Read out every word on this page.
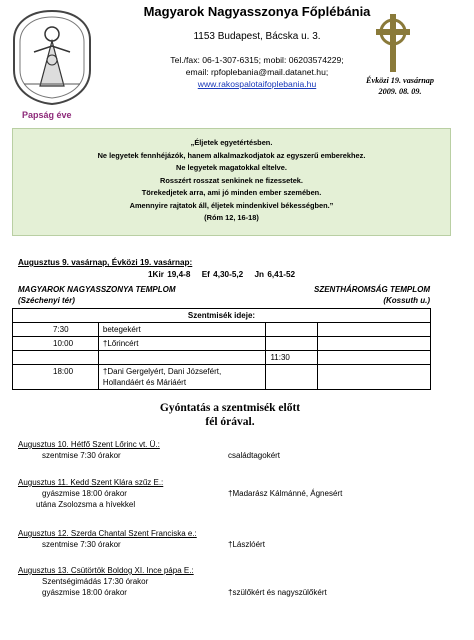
Magyarok Nagyasszonya Főplébánia
1153 Budapest, Bácska u. 3.
Tel./fax: 06-1-307-6315; mobil: 06203574229;
email: rpfoplebania@mail.datanet.hu;
www.rakospalotaifoplebania.hu	Évközi 19. vasárnap
2009. 08. 09.
Papság éve
„Éljetek egyetértésben.
Ne legyetek fennhéjázók, hanem alkalmazkodjatok az egyszerű emberekhez.
Ne legyetek magatokkal eltelve.
Rosszért rosszat senkinek ne fizessetek.
Törekedjetek arra, ami jó minden ember szemében.
Amennyire rajtatok áll, éljetek mindenkivel békességben.”
(Róm 12, 16-18)
Augusztus 9. vasárnap, Évközi 19. vasárnap:
1Kir 19,4-8 Ef 4,30-5,2 Jn 6,41-52
MAGYAROK NAGYASSZONYA TEMPLOM
(Széchenyi tér)
SZENTHÁROMSÁG TEMPLOM
(Kossuth u.)
Szentmisék ideje:			
7:30	betegekért		
10:00	†Lőrincért		
		11:30	
18:00	†Dani Gergelyért, Dani Józsefért, Hollandáért és Máriáért		
Gyóntatás a szentmisék előtt
fél órával.
Augusztus 10. Hétfő Szent Lőrinc vt. Ü.:
szentmise 7:30 órakor	családtagokért
Augusztus 11. Kedd Szent Klára szűz E.:
gyászmise 18:00 órakor	†Madarász Kálmánné, Ágnesért
utána Zsolozsma a hívekkel
Augusztus 12. Szerda Chantal Szent Franciska e.:
szentmise 7:30 órakor	†Lászlóért
Augusztus 13. Csütörtök Boldog XI. Ince pápa E.:
Szentségimádás 17:30 órakor
gyászmise 18:00 órakor	†szülőkért és nagyszülőkért
